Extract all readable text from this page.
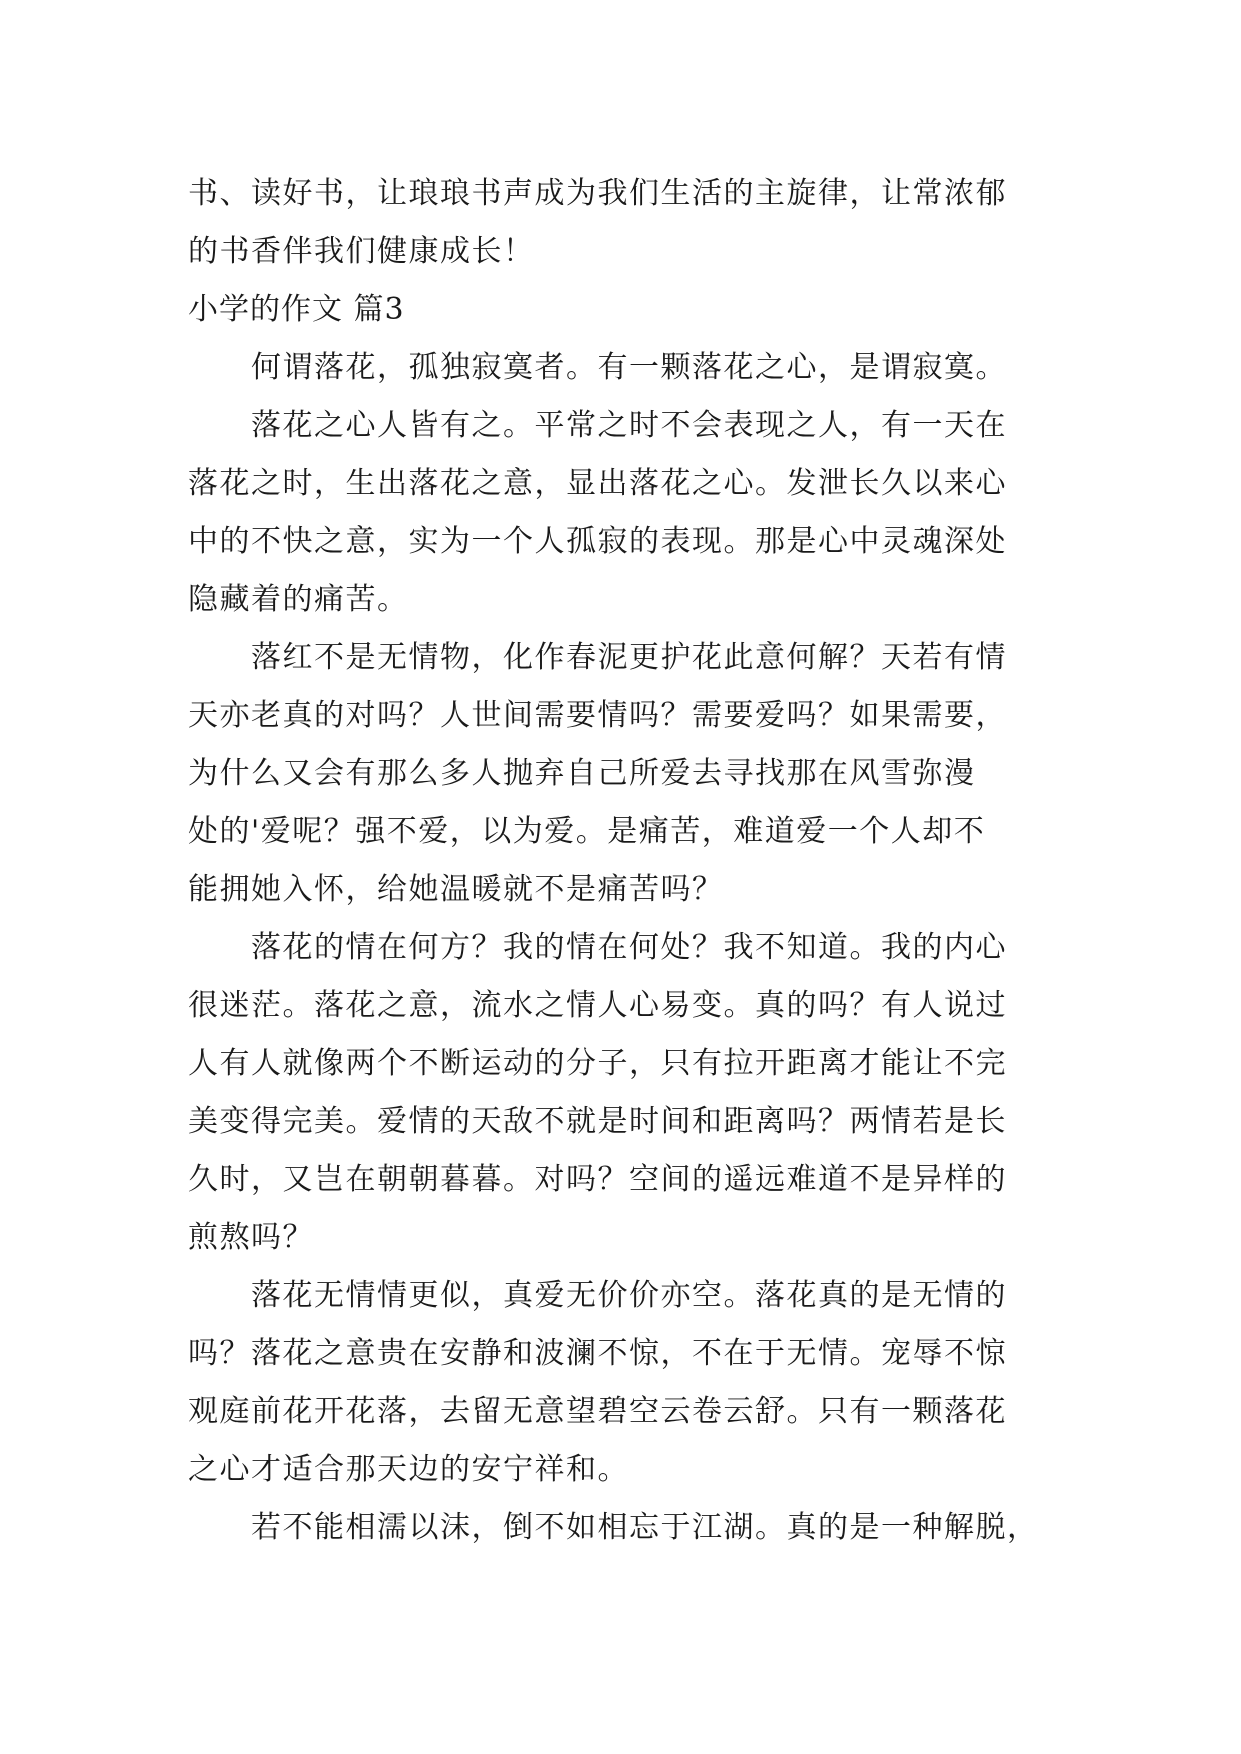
书、读好书，让琅琅书声成为我们生活的主旋律，让常浓郁
的书香伴我们健康成长！
小学的作文 篇3
何谓落花，孤独寂寞者。有一颗落花之心，是谓寂寞。
落花之心人皆有之。平常之时不会表现之人，有一天在
落花之时，生出落花之意，显出落花之心。发泄长久以来心
中的不快之意，实为一个人孤寂的表现。那是心中灵魂深处
隐藏着的痛苦。
落红不是无情物，化作春泥更护花此意何解？天若有情
天亦老真的对吗？人世间需要情吗？需要爱吗？如果需要，
为什么又会有那么多人抛弃自己所爱去寻找那在风雪弥漫
处的'爱呢？强不爱，以为爱。是痛苦，难道爱一个人却不
能拥她入怀，给她温暖就不是痛苦吗？
落花的情在何方？我的情在何处？我不知道。我的内心
很迷茫。落花之意，流水之情人心易变。真的吗？有人说过
人有人就像两个不断运动的分子，只有拉开距离才能让不完
美变得完美。爱情的天敌不就是时间和距离吗？两情若是长
久时，又岂在朝朝暮暮。对吗？空间的遥远难道不是异样的
煎熬吗？
落花无情情更似，真爱无价价亦空。落花真的是无情的
吗？落花之意贵在安静和波澜不惊，不在于无情。宠辱不惊
观庭前花开花落，去留无意望碧空云卷云舒。只有一颗落花
之心才适合那天边的安宁祥和。
若不能相濡以沫，倒不如相忘于江湖。真的是一种解脱，
